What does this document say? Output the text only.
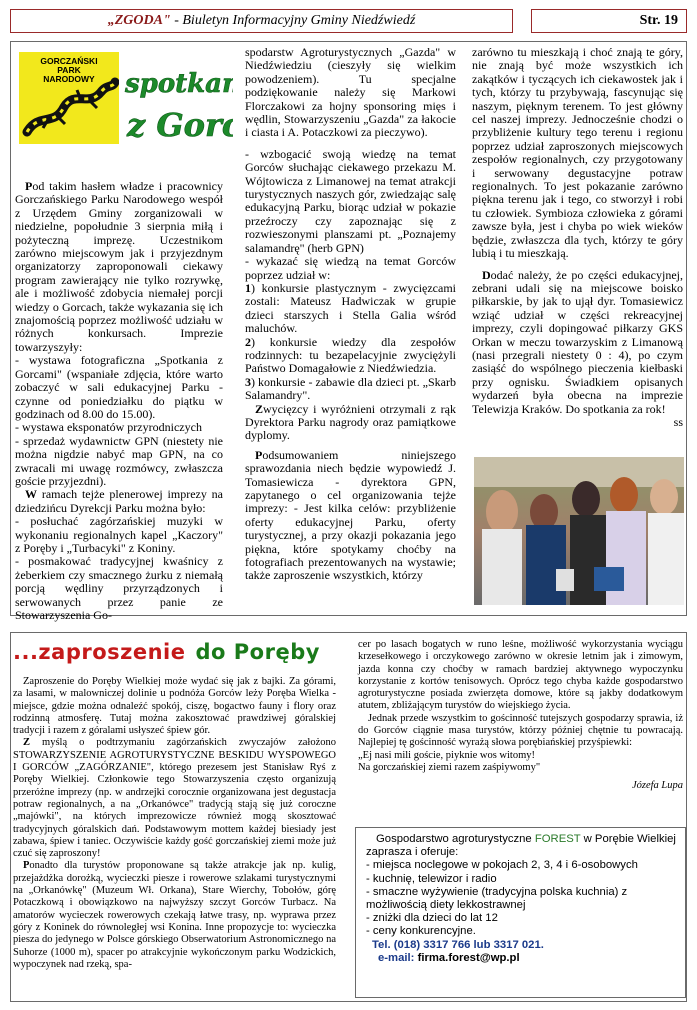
„ZGODA" - Biuletyn Informacyjny Gminy Niedźwiedź	Str. 19
GORCZAŃSKI
PARK
NARODOWY spotka
z Gor

Pod takim hasłem władze i pracownicy Gorczańskiego Parku Narodowego wespół z Urzędem Gminy zorganizowali w niedzielne, popołudnie 3 sierpnia miłą i pożyteczną imprezę. Uczestnikom zarówno miejscowym jak i przyjezdnym organizatorzy zaproponowali ciekawy program zawierający nie tylko rozrywkę, ale i możliwość zdobycia niemałej porcji wiedzy o Gorcach, także wykazania się ich znajomością poprzez możliwość udziału w różnych konkursach. Imprezie towarzyszyły:

- wystawa fotograficzna „Spotkania z Gorcami" (wspaniałe zdjęcia, które warto zobaczyć w sali edukacyjnej Parku - czynne od poniedziałku do piątku w godzinach od 8.00 do 15.00).

- wystawa eksponatów przyrodniczych

- sprzedaż wydawnictw GPN (niestety nie można nigdzie nabyć map GPN, na co zwracali mi uwagę rozmówcy, zwłaszcza goście przyjezdni).

W ramach tejże plenerowej imprezy na dziedzińcu Dyrekcji Parku można było:

- posłuchać zagórzańskiej muzyki w wykonaniu regionalnych kapel „Kaczory" z Poręby i „Turbacyki" z Koniny.

- posmakować tradycyjnej kwaśnicy z żeberkiem czy smacznego żurku z niemałą porcją wędliny przyrządzonych i serwowanych przez panie ze Stowarzyszenia Go-

spodarstw Agroturystycznych „Gazda" w Niedźwiedziu (cieszyły się wielkim powodzeniem). Tu specjalne podziękowanie należy się Markowi Florczakowi za hojny sponsoring mięs i wędlin, Stowarzyszeniu „Gazda" za łakocie i ciasta i A. Potaczkowi za pieczywo).

- wzbogacić swoją wiedzę na temat Gorców słuchając ciekawego przekazu M. Wójtowicza z Limanowej na temat atrakcji turystycznych naszych gór, zwiedzając salę edukacyjną Parku, biorąc udział w pokazie przeźroczy czy zapoznając się z rozwieszonymi planszami pt. „Poznajemy salamandrę" (herb GPN)

- wykazać się wiedzą na temat Gorców poprzez udział w:

1) konkursie plastycznym - zwycięzcami zostali: Mateusz Hadwiczak w grupie dzieci starszych i Stella Galia wśród maluchów.

2) konkursie wiedzy dla zespołów rodzinnych: tu bezapelacyjnie zwyciężyli Państwo Domagałowie z Niedźwiedzia.

3) konkursie - zabawie dla dzieci pt. „Skarb Salamandry".

Zwycięzcy i wyróżnieni otrzymali z rąk Dyrektora Parku nagrody oraz pamiątkowe dyplomy.

Podsumowaniem niniejszego sprawozdania niech będzie wypowiedź J. Tomasiewicza - dyrektora GPN, zapytanego o cel organizowania tejże imprezy: - Jest kilka celów: przybliżenie oferty edukacyjnej Parku, oferty turystycznej, a przy okazji pokazania jego piękna, które spotykamy choćby na fotografiach prezentowanych na wystawie; także zaproszenie wszystkich, którzy

zarówno tu mieszkają i choć znają te góry, nie znają być może wszystkich ich zakątków i tyczących ich ciekawostek jak i tych, którzy tu przybywają, fascynując się naszym, pięknym terenem. To jest główny cel naszej imprezy. Jednocześnie chodzi o przybliżenie kultury tego terenu i regionu poprzez udział zaproszonych miejscowych zespołów regionalnych, czy przygotowany i serwowany degustacyjne potraw regionalnych. To jest pokazanie zarówno piękna terenu jak i tego, co stworzył i robi tu człowiek. Symbioza człowieka z górami zawsze była, jest i chyba po wiek wieków będzie, zwłaszcza dla tych, którzy te góry lubią i tu mieszkają.

Dodać należy, że po części edukacyjnej, zebrani udali się na miejscowe boisko piłkarskie, by jak to ujął dyr. Tomasiewicz wziąć udział w części rekreacyjnej imprezy, czyli dopingować piłkarzy GKS Orkan w meczu towarzyskim z Limanową (nasi przegrali niestety 0 : 4), po czym zasiąść do wspólnego pieczenia kiełbaski przy ognisku. Świadkiem opisanych wydarzeń była obecna na imprezie Telewizja Kraków. Do spotkania za rok!
ss

...zaproszenie do Poręby

Zaproszenie do Poręby Wielkiej może wydać się jak z bajki. Za górami, za lasami, w malowniczej dolinie u podnóża Gorców leży Poręba Wielka - miejsce, gdzie można odnaleźć spokój, ciszę, bogactwo fauny i flory oraz rodzinną atmosferę. Tutaj można zakosztować prawdziwej góralskiej tradycji i razem z góralami usłyszeć śpiew gór.

Z myślą o podtrzymaniu zagórzańskich zwyczajów założono STOWARZYSZENIE AGROTURYSTYCZNE BESKIDU WYSPOWEGO I GORCÓW „ZAGÓRZANIE", którego prezesem jest Stanisław Ryś z Poręby Wielkiej. Członkowie tego Stowarzyszenia często organizują przeróżne imprezy (np. w andrzejki corocznie organizowana jest degustacja potraw regionalnych, a na „Orkanówce" tradycją stają się już coroczne „majówki", na których imprezowicze również mogą skosztować tradycyjnych góralskich dań. Podstawowym mottem każdej biesiady jest zabawa, śpiew i taniec. Oczywiście każdy gość gorczańskiej ziemi może już czuć się zaproszony!

Ponadto dla turystów proponowane są także atrakcje jak np. kulig, przejażdżka dorożką, wycieczki piesze i rowerowe szlakami turystycznymi na „Orkanówkę" (Muzeum Wł. Orkana), Stare Wierchy, Tobołów, górę Potaczkową i obowiązkowo na najwyższy szczyt Gorców Turbacz. Na amatorów wycieczek rowerowych czekają łatwe trasy, np. wyprawa przez góry z Koninek do równoległej wsi Konina. Inne propozycje to: wycieczka piesza do jedynego w Polsce górskiego Obserwatorium Astronomicznego na Suhorze (1000 m), spacer po atrakcyjnie wykończonym parku Wodzickich, wypoczynek nad rzeką, spa-

cer po lasach bogatych w runo leśne, możliwość wykorzystania wyciągu krzesełkowego i orczykowego zarówno w okresie letnim jak i zimowym, jazda konna czy choćby w ramach bardziej aktywnego wypoczynku korzystanie z kortów tenisowych. Oprócz tego chyba każde gospodarstwo agroturystyczne posiada zwierzęta domowe, które są jakby dodatkowym atutem, zbliżającym turystów do wiejskiego życia.

Jednak przede wszystkim to gościnność tutejszych gospodarzy sprawia, iż do Gorców ciągnie masa turystów, którzy później chętnie tu powracają. Najlepiej tę gościnność wyrażą słowa porębiańskiej przyśpiewki:

„Ej nasi mili goście, piyknie wos witomy!

Na gorczańskiej ziemi razem zaśpiywomy"

Józefa Lupa

Gospodarstwo agroturystyczne FOREST w Porębie Wielkiej zaprasza i oferuje:
- miejsca noclegowe w pokojach 2, 3, 4 i 6-osobowych
- kuchnię, telewizor i radio
- smaczne wyżywienie (tradycyjna polska kuchnia) z możliwością diety lekkostrawnej
- zniżki dla dzieci do lat 12
- ceny konkurencyjne.
Tel. (018) 3317 766 lub 3317 021.
e-mail: firma.forest@wp.pl
